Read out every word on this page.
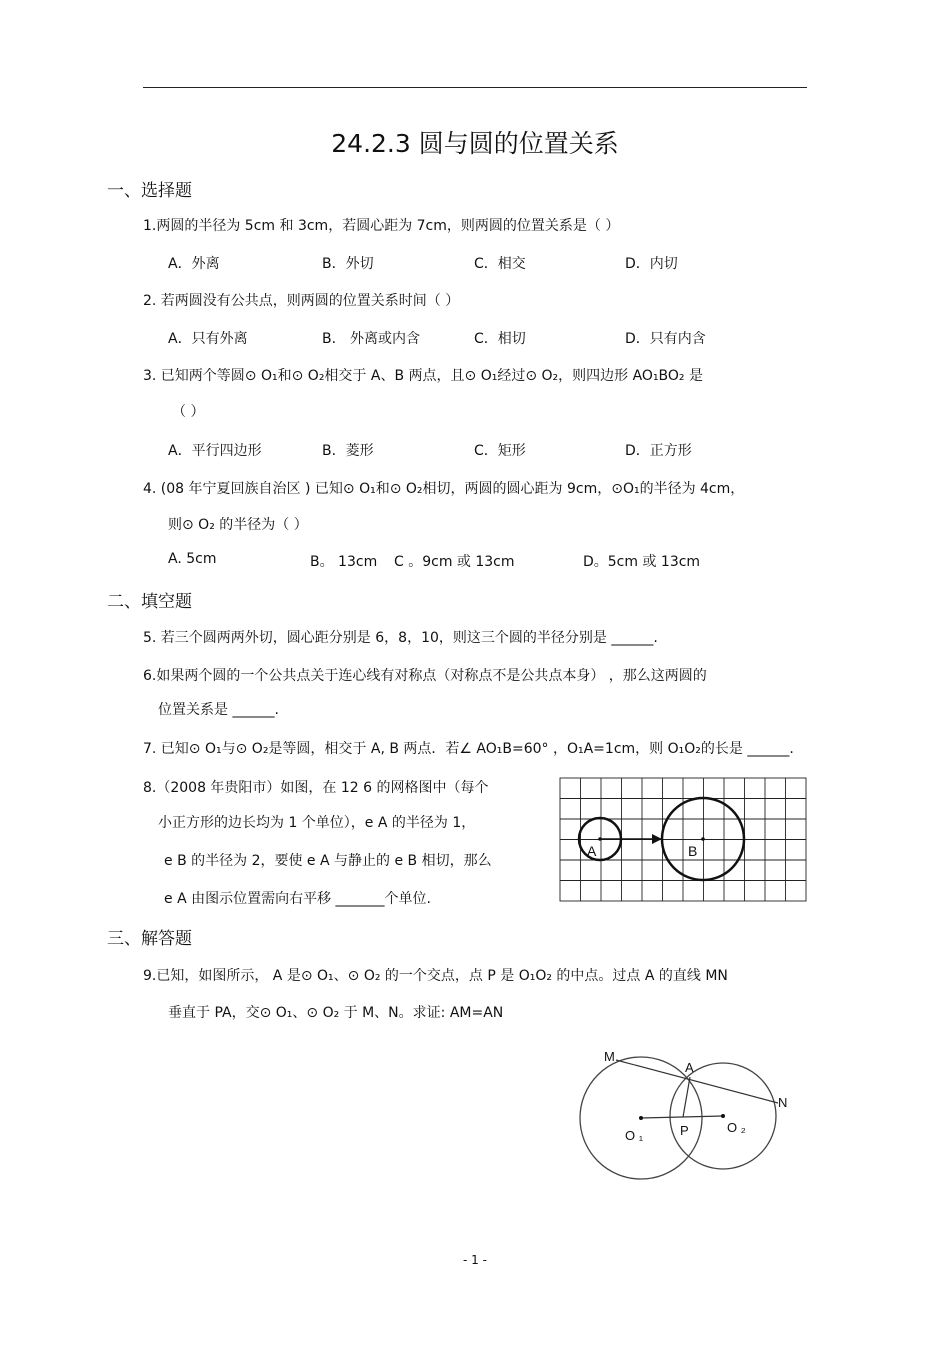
24.2.3 圆与圆的位置关系
一、选择题
1.两圆的半径为 5cm 和 3cm，若圆心距为 7cm，则两圆的位置关系是（ ）
A．外离	B．外切	C．相交	D．内切
2. 若两圆没有公共点，则两圆的位置关系时间（ ）
A．只有外离	B． 外离或内含	C．相切	D．只有内含
3. 已知两个等圆⊙ O₁和⊙ O₂相交于 A、B 两点，且⊙ O₁经过⊙ O₂，则四边形 AO₁BO₂ 是
（ ）
A．平行四边形	B．菱形	C．矩形	D．正方形
4. (08 年宁夏回族自治区 ) 已知⊙ O₁和⊙ O₂相切，两圆的圆心距为 9cm，⊙O₁的半径为 4cm，
则⊙ O₂ 的半径为（ ）
A. 5cm	B。 13cm C 。9cm 或 13cm	D。5cm 或 13cm
二、填空题
5. 若三个圆两两外切，圆心距分别是 6，8，10，则这三个圆的半径分别是 ______.
6.如果两个圆的一个公共点关于连心线有对称点（对称点不是公共点本身） ，那么这两圆的
位置关系是 ______.
7. 已知⊙ O₁与⊙ O₂是等圆，相交于 A, B 两点．若∠ AO₁B=60° ，O₁A=1cm，则 O₁O₂的长是 ______.
8.（2008 年贵阳市）如图，在 12 6 的网格图中（每个
小正方形的边长均为 1 个单位），e A 的半径为 1，
e B 的半径为 2，要使 e A 与静止的 e B 相切，那么
e A 由图示位置需向右平移 _______个单位.
A	B
三、解答题
9.已知，如图所示， A 是⊙ O₁、⊙ O₂ 的一个交点，点 P 是 O₁O₂ 的中点。过点 A 的直线 MN
垂直于 PA，交⊙ O₁、⊙ O₂ 于 M、N。求证: AM=AN
M
A
N
O ₁	P	O ₂
- 1 -
